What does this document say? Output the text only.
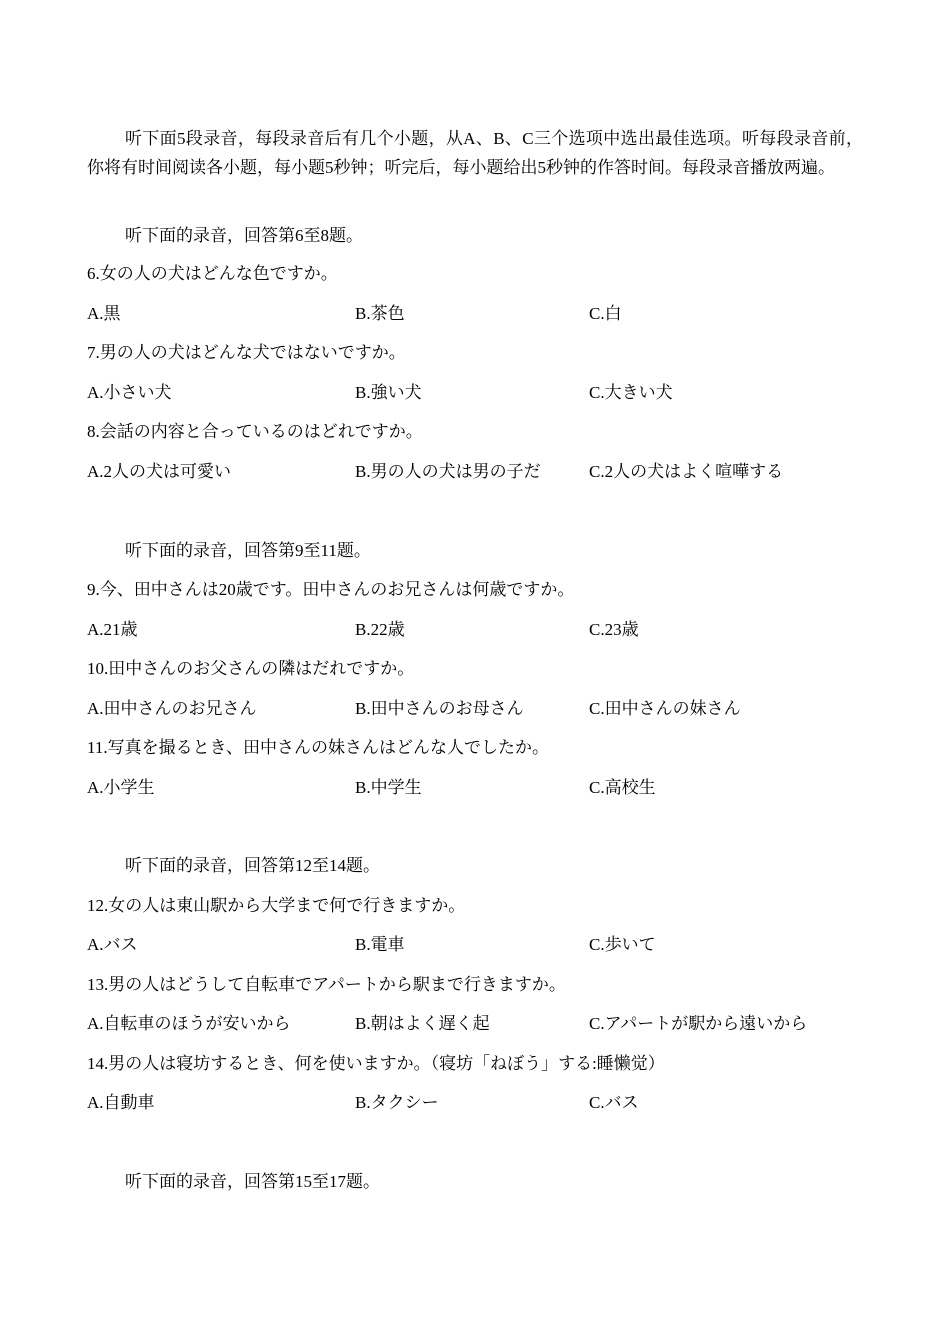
听下面5段录音，每段录音后有几个小题，从A、B、C三个选项中选出最佳选项。听每段录音前，你将有时间阅读各小题，每小题5秒钟；听完后，每小题给出5秒钟的作答时间。每段录音播放两遍。
听下面的录音，回答第6至8题。
6.女の人の犬はどんな色ですか。
A.黒	B.茶色	C.白
7.男の人の犬はどんな犬ではないですか。
A.小さい犬	B.強い犬	C.大きい犬
8.会話の内容と合っているのはどれですか。
A.2人の犬は可愛い	B.男の人の犬は男の子だ	C.2人の犬はよく喧嘩する
听下面的录音，回答第9至11题。
9.今、田中さんは20歳です。田中さんのお兄さんは何歳ですか。
A.21歳	B.22歳	C.23歳
10.田中さんのお父さんの隣はだれですか。
A.田中さんのお兄さん	B.田中さんのお母さん	C.田中さんの妹さん
11.写真を撮るとき、田中さんの妹さんはどんな人でしたか。
A.小学生	B.中学生	C.高校生
听下面的录音，回答第12至14题。
12.女の人は東山駅から大学まで何で行きますか。
A.バス	B.電車	C.歩いて
13.男の人はどうして自転車でアパートから駅まで行きますか。
A.自転車のほうが安いから	B.朝はよく遅く起	C.アパートが駅から遠いから
14.男の人は寝坊するとき、何を使いますか。（寝坊「ねぼう」する:睡懒觉）
A.自動車	B.タクシー	C.バス
听下面的录音，回答第15至17题。
